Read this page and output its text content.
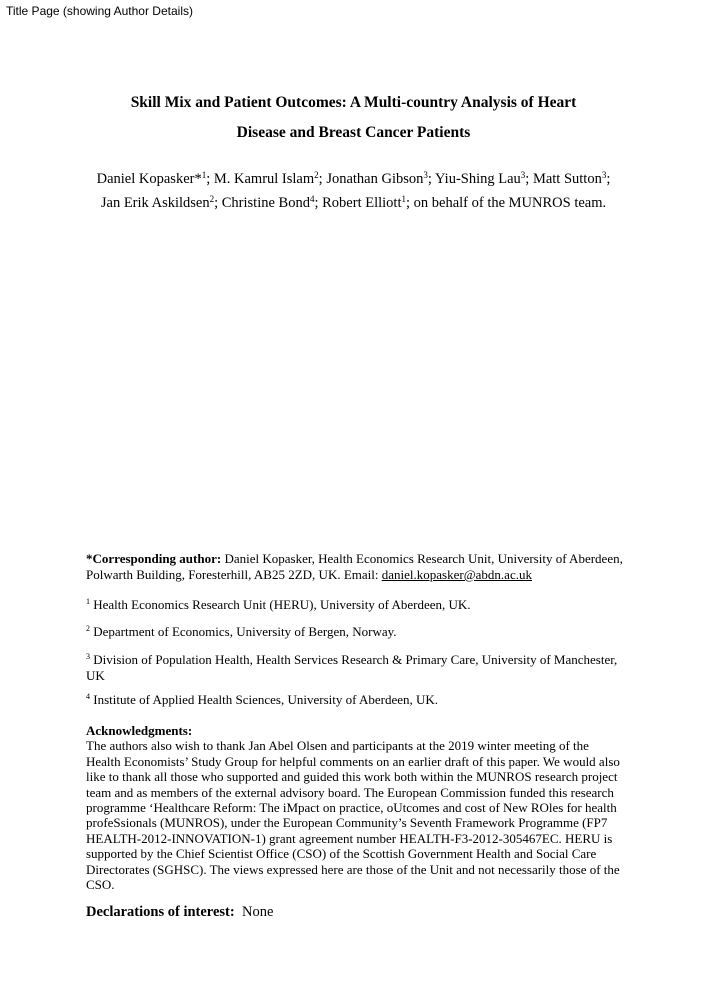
Title Page (showing Author Details)
Skill Mix and Patient Outcomes: A Multi-country Analysis of Heart
Disease and Breast Cancer Patients
Daniel Kopasker*$^1$; M. Kamrul Islam$^2$; Jonathan Gibson$^3$; Yiu-Shing Lau$^3$; Matt Sutton$^3$; Jan Erik Askildsen$^2$; Christine Bond$^4$; Robert Elliott$^1$; on behalf of the MUNROS team.
*Corresponding author: Daniel Kopasker, Health Economics Research Unit, University of Aberdeen, Polwarth Building, Foresterhill, AB25 2ZD, UK. Email: daniel.kopasker@abdn.ac.uk
$^1$ Health Economics Research Unit (HERU), University of Aberdeen, UK.
$^2$ Department of Economics, University of Bergen, Norway.
$^3$ Division of Population Health, Health Services Research & Primary Care, University of Manchester, UK
$^4$ Institute of Applied Health Sciences, University of Aberdeen, UK.
Acknowledgments:
The authors also wish to thank Jan Abel Olsen and participants at the 2019 winter meeting of the Health Economists’ Study Group for helpful comments on an earlier draft of this paper. We would also like to thank all those who supported and guided this work both within the MUNROS research project team and as members of the external advisory board. The European Commission funded this research programme ‘Healthcare Reform: The iMpact on practice, oUtcomes and cost of New ROles for health profeSsionals (MUNROS), under the European Community’s Seventh Framework Programme (FP7 HEALTH-2012-INNOVATION-1) grant agreement number HEALTH-F3-2012-305467EC. HERU is supported by the Chief Scientist Office (CSO) of the Scottish Government Health and Social Care Directorates (SGHSC). The views expressed here are those of the Unit and not necessarily those of the CSO.
Declarations of interest: None
